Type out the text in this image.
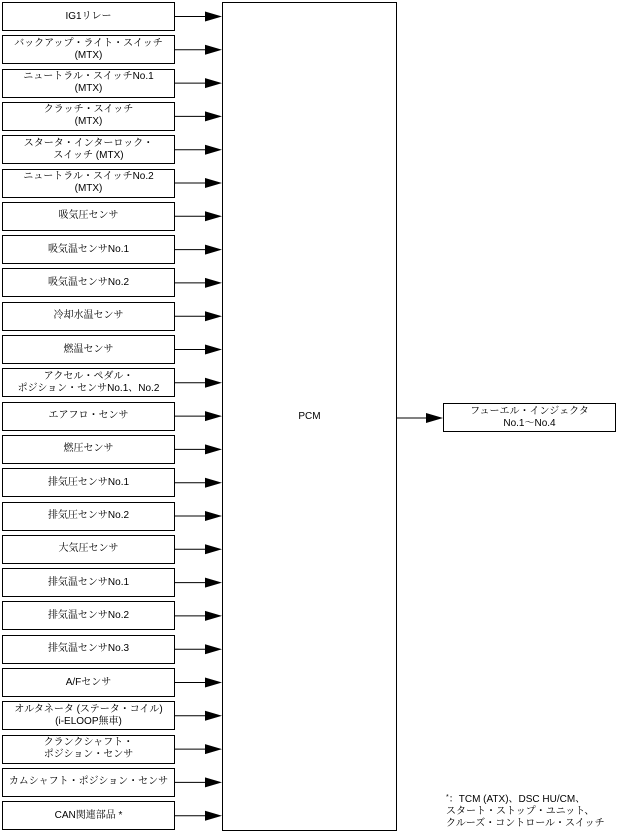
IG1リレー
バックアップ・ライト・スイッチ
(MTX)
ニュートラル・スイッチNo.1
(MTX)
クラッチ・スイッチ
(MTX)
スタータ・インターロック・
スイッチ (MTX)
ニュートラル・スイッチNo.2
(MTX)
吸気圧センサ
吸気温センサNo.1
吸気温センサNo.2
冷却水温センサ
燃温センサ
アクセル・ペダル・
ポジション・センサNo.1、No.2
エアフロ・センサ
燃圧センサ
排気圧センサNo.1
排気圧センサNo.2
大気圧センサ
排気温センサNo.1
排気温センサNo.2
排気温センサNo.3
A/Fセンサ
オルタネータ (ステータ・コイル)
(i-ELOOP無車)
クランクシャフト・
ポジション・センサ
カムシャフト・ポジション・センサ
CAN関連部品 *
PCM	フューエル・インジェクタ
No.1〜No.4
*：TCM (ATX)、DSC HU/CM、
スタート・ストップ・ユニット、
クルーズ・コントロール・スイッチ
